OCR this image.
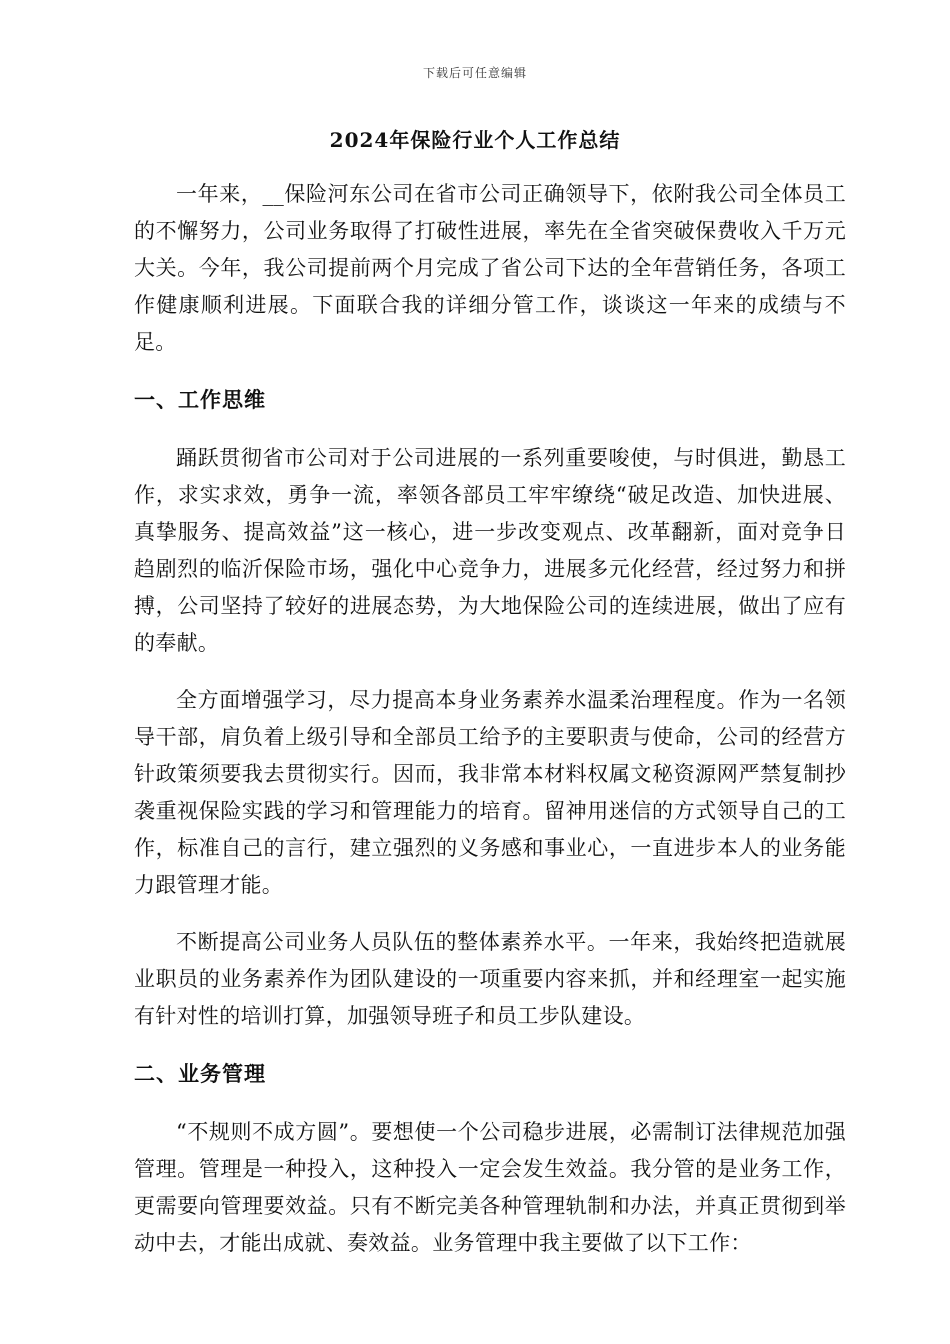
下载后可任意编辑
2024年保险行业个人工作总结

一年来，__保险河东公司在省市公司正确领导下，依附我公司全体员工的不懈努力，公司业务取得了打破性进展，率先在全省突破保费收入千万元大关。今年，我公司提前两个月完成了省公司下达的全年营销任务，各项工作健康顺利进展。下面联合我的详细分管工作，谈谈这一年来的成绩与不足。

一、工作思维

踊跃贯彻省市公司对于公司进展的一系列重要唆使，与时俱进，勤恳工作，求实求效，勇争一流，率领各部员工牢牢缭绕“破足改造、加快进展、真挚服务、提高效益”这一核心，进一步改变观点、改革翻新，面对竞争日趋剧烈的临沂保险市场，强化中心竞争力，进展多元化经营，经过努力和拼搏，公司坚持了较好的进展态势，为大地保险公司的连续进展，做出了应有的奉献。

全方面增强学习，尽力提高本身业务素养水温柔治理程度。作为一名领导干部，肩负着上级引导和全部员工给予的主要职责与使命，公司的经营方针政策须要我去贯彻实行。因而，我非常本材料权属文秘资源网严禁复制抄袭重视保险实践的学习和管理能力的培育。留神用迷信的方式领导自己的工作，标准自己的言行，建立强烈的义务感和事业心，一直进步本人的业务能力跟管理才能。

不断提高公司业务人员队伍的整体素养水平。一年来，我始终把造就展业职员的业务素养作为团队建设的一项重要内容来抓，并和经理室一起实施有针对性的培训打算，加强领导班子和员工步队建设。

二、业务管理

“不规则不成方圆”。要想使一个公司稳步进展，必需制订法律规范加强管理。管理是一种投入，这种投入一定会发生效益。我分管的是业务工作，更需要向管理要效益。只有不断完美各种管理轨制和办法，并真正贯彻到举动中去，才能出成就、奏效益。业务管理中我主要做了以下工作：
